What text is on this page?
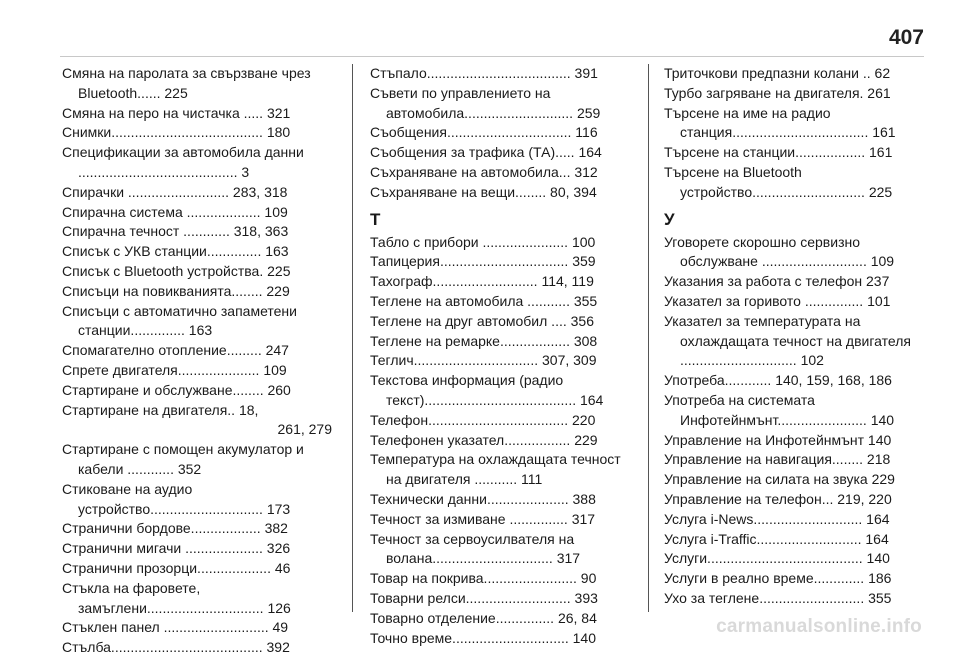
407
Смяна на паролата за свързване чрез Bluetooth...... 225
Смяна на перо на чистачка ..... 321
Снимки....................................... 180
Спецификации за автомобила данни ......................................... 3
Спирачки .......................... 283, 318
Спирачна система ................... 109
Спирачна течност ............ 318, 363
Списък с УКВ станции.............. 163
Списък с Bluetooth устройства. 225
Списъци на повикванията........ 229
Списъци с автоматично запаметени станции.............. 163
Спомагателно отопление......... 247
Спрете двигателя..................... 109
Стартиране и обслужване........ 260
Стартиране на двигателя.. 18,
261, 279
Стартиране с помощен акумулатор и кабели ............ 352
Стиковане на аудио устройство............................. 173
Странични бордове.................. 382
Странични мигачи .................... 326
Странични прозорци................... 46
Стъкла на фаровете, замъглени.............................. 126
Стъклен панел ........................... 49
Стълба....................................... 392
Стъпало..................................... 391
Съвети по управлението на автомобила............................ 259
Съобщения................................ 116
Съобщения за трафика (ТА)..... 164
Съхраняване на автомобила... 312
Съхраняване на вещи........ 80, 394
Т
Табло с прибори ...................... 100
Тапицерия................................. 359
Тахограф........................... 114, 119
Теглене на автомобила ........... 355
Теглене на друг автомобил .... 356
Теглене на ремарке.................. 308
Теглич................................ 307, 309
Текстова информация (радио текст)....................................... 164
Телефон.................................... 220
Телефонен указател................. 229
Температура на охлаждащата течност на двигателя ........... 111
Технически данни..................... 388
Течност за измиване ............... 317
Течност за сервоусилвателя на волана............................... 317
Товар на покрива........................ 90
Товарни релси........................... 393
Товарно отделение............... 26, 84
Точно време.............................. 140
Триточкови предпазни колани .. 62
Турбо загряване на двигателя. 261
Търсене на име на радио станция................................... 161
Търсене на станции.................. 161
Търсене на Bluetooth устройство............................. 225
У
Уговорете скорошно сервизно обслужване ........................... 109
Указания за работа с телефон 237
Указател за горивото ............... 101
Указател за температурата на охлаждащата течност на двигателя .............................. 102
Употреба............ 140, 159, 168, 186
Употреба на системата Инфотейнмънт....................... 140
Управление на Инфотейнмънт 140
Управление на навигация........ 218
Управление на силата на звука 229
Управление на телефон... 219, 220
Услуга i-News............................ 164
Услуга i-Traffic........................... 164
Услуги........................................ 140
Услуги в реално време............. 186
Ухо за теглене........................... 355
carmanualsonline.info
